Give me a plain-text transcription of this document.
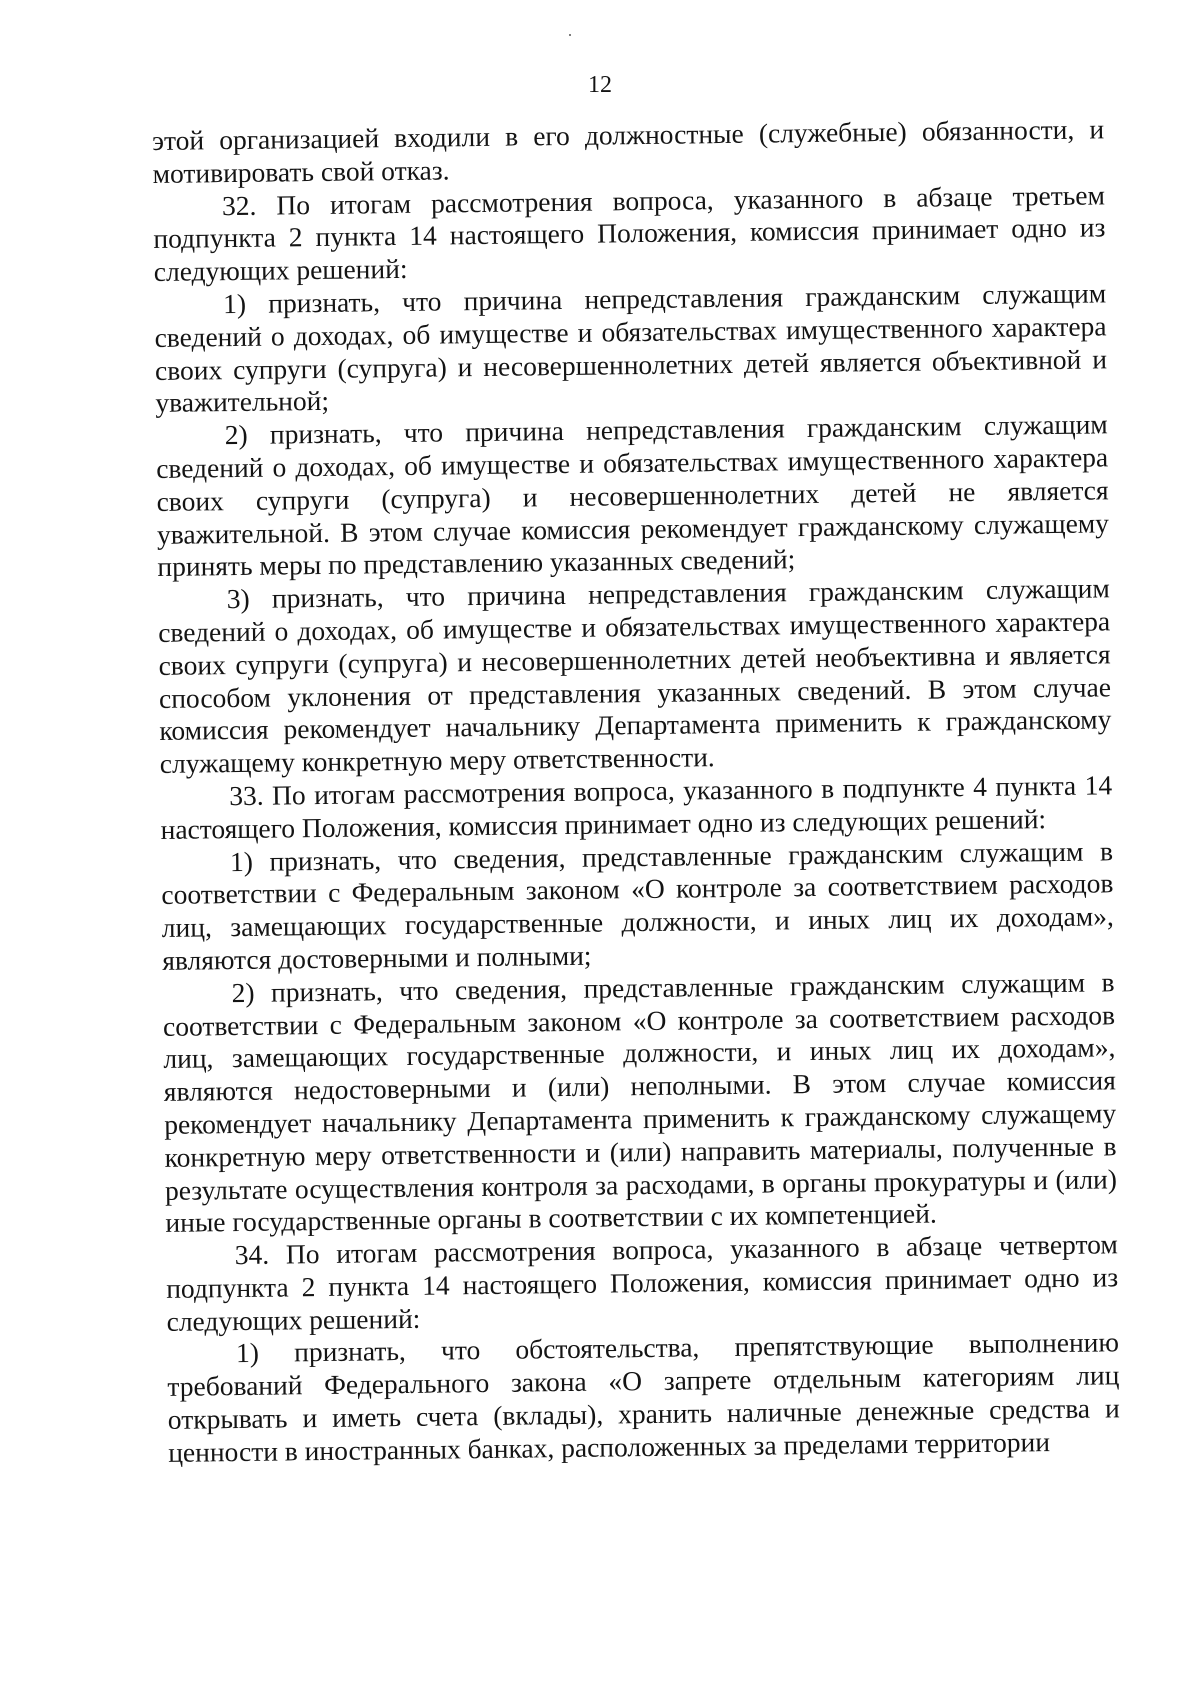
12

этой организацией входили в его должностные (служебные) обязанности, и мотивировать свой отказ.

32. По итогам рассмотрения вопроса, указанного в абзаце третьем подпункта 2 пункта 14 настоящего Положения, комиссия принимает одно из следующих решений:

1) признать, что причина непредставления гражданским служащим сведений о доходах, об имуществе и обязательствах имущественного характера своих супруги (супруга) и несовершеннолетних детей является объективной и уважительной;

2) признать, что причина непредставления гражданским служащим сведений о доходах, об имуществе и обязательствах имущественного характера своих супруги (супруга) и несовершеннолетних детей не является уважительной. В этом случае комиссия рекомендует гражданскому служащему принять меры по представлению указанных сведений;

3) признать, что причина непредставления гражданским служащим сведений о доходах, об имуществе и обязательствах имущественного характера своих супруги (супруга) и несовершеннолетних детей необъективна и является способом уклонения от представления указанных сведений. В этом случае комиссия рекомендует начальнику Департамента применить к гражданскому служащему конкретную меру ответственности.

33. По итогам рассмотрения вопроса, указанного в подпункте 4 пункта 14 настоящего Положения, комиссия принимает одно из следующих решений:

1) признать, что сведения, представленные гражданским служащим в соответствии с Федеральным законом «О контроле за соответствием расходов лиц, замещающих государственные должности, и иных лиц их доходам», являются достоверными и полными;

2) признать, что сведения, представленные гражданским служащим в соответствии с Федеральным законом «О контроле за соответствием расходов лиц, замещающих государственные должности, и иных лиц их доходам», являются недостоверными и (или) неполными. В этом случае комиссия рекомендует начальнику Департамента применить к гражданскому служащему конкретную меру ответственности и (или) направить материалы, полученные в результате осуществления контроля за расходами, в органы прокуратуры и (или) иные государственные органы в соответствии с их компетенцией.

34. По итогам рассмотрения вопроса, указанного в абзаце четвертом подпункта 2 пункта 14 настоящего Положения, комиссия принимает одно из следующих решений:

1) признать, что обстоятельства, препятствующие выполнению требований Федерального закона «О запрете отдельным категориям лиц открывать и иметь счета (вклады), хранить наличные денежные средства и ценности в иностранных банках, расположенных за пределами территории
